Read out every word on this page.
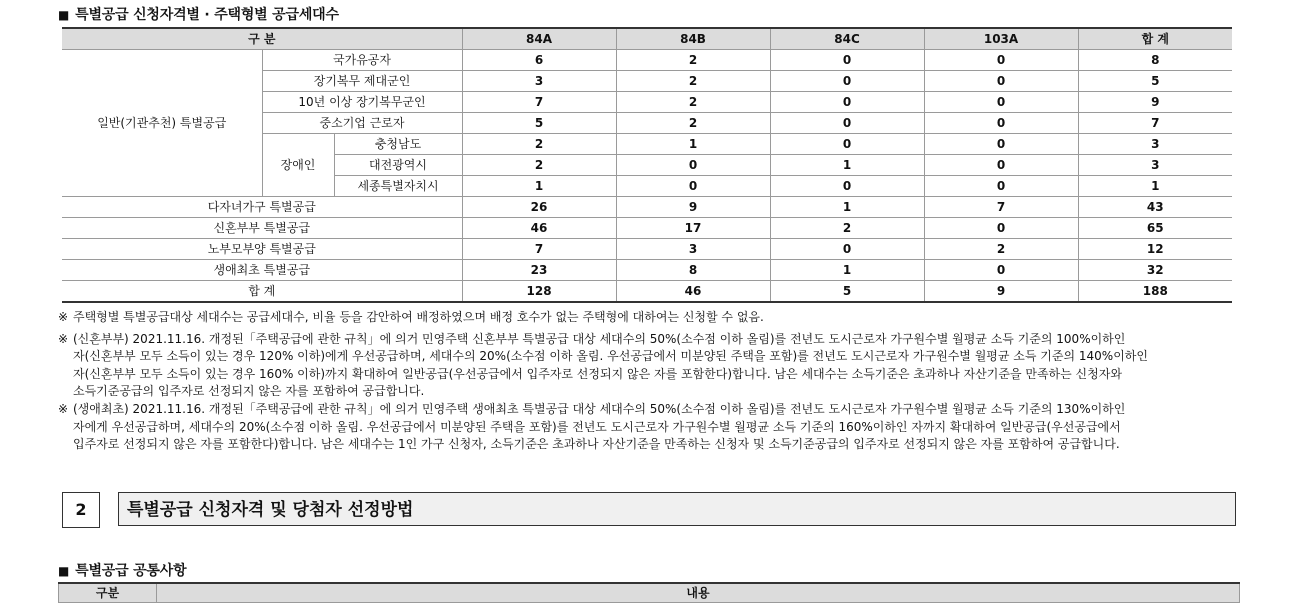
■ 특별공급 신청자격별 · 주택형별 공급세대수
구 분			84A	84B	84C	103A	합 계
일반(기관추천) 특별공급	국가유공자		6	2	0	0	8
	장기복무 제대군인		3	2	0	0	5
	10년 이상 장기복무군인		7	2	0	0	9
	중소기업 근로자		5	2	0	0	7
	장애인	충청남도	2	1	0	0	3
		대전광역시	2	0	1	0	3
		세종특별자치시	1	0	0	0	1
다자녀가구 특별공급			26	9	1	7	43
신혼부부 특별공급			46	17	2	0	65
노부모부양 특별공급			7	3	0	2	12
생애최초 특별공급			23	8	1	0	32
합 계			128	46	5	9	188
※ 주택형별 특별공급대상 세대수는 공급세대수, 비율 등을 감안하여 배정하였으며 배정 호수가 없는 주택형에 대하여는 신청할 수 없음.
※ (신혼부부) 2021.11.16. 개정된「주택공급에 관한 규칙」에 의거 민영주택 신혼부부 특별공급 대상 세대수의 50%(소수점 이하 올림)를 전년도 도시근로자 가구원수별 월평균 소득 기준의 100%이하인
자(신혼부부 모두 소득이 있는 경우 120% 이하)에게 우선공급하며, 세대수의 20%(소수점 이하 올림. 우선공급에서 미분양된 주택을 포함)를 전년도 도시근로자 가구원수별 월평균 소득 기준의 140%이하인
자(신혼부부 모두 소득이 있는 경우 160% 이하)까지 확대하여 일반공급(우선공급에서 입주자로 선정되지 않은 자를 포함한다)합니다. 남은 세대수는 소득기준은 초과하나 자산기준을 만족하는 신청자와
소득기준공급의 입주자로 선정되지 않은 자를 포함하여 공급합니다.
※ (생애최초) 2021.11.16. 개정된「주택공급에 관한 규칙」에 의거 민영주택 생애최초 특별공급 대상 세대수의 50%(소수점 이하 올림)를 전년도 도시근로자 가구원수별 월평균 소득 기준의 130%이하인
자에게 우선공급하며, 세대수의 20%(소수점 이하 올림. 우선공급에서 미분양된 주택을 포함)를 전년도 도시근로자 가구원수별 월평균 소득 기준의 160%이하인 자까지 확대하여 일반공급(우선공급에서
입주자로 선정되지 않은 자를 포함한다)합니다. 남은 세대수는 1인 가구 신청자, 소득기준은 초과하나 자산기준을 만족하는 신청자 및 소득기준공급의 입주자로 선정되지 않은 자를 포함하여 공급합니다.
2	특별공급 신청자격 및 당첨자 선정방법
■ 특별공급 공통사항
구분	내용
